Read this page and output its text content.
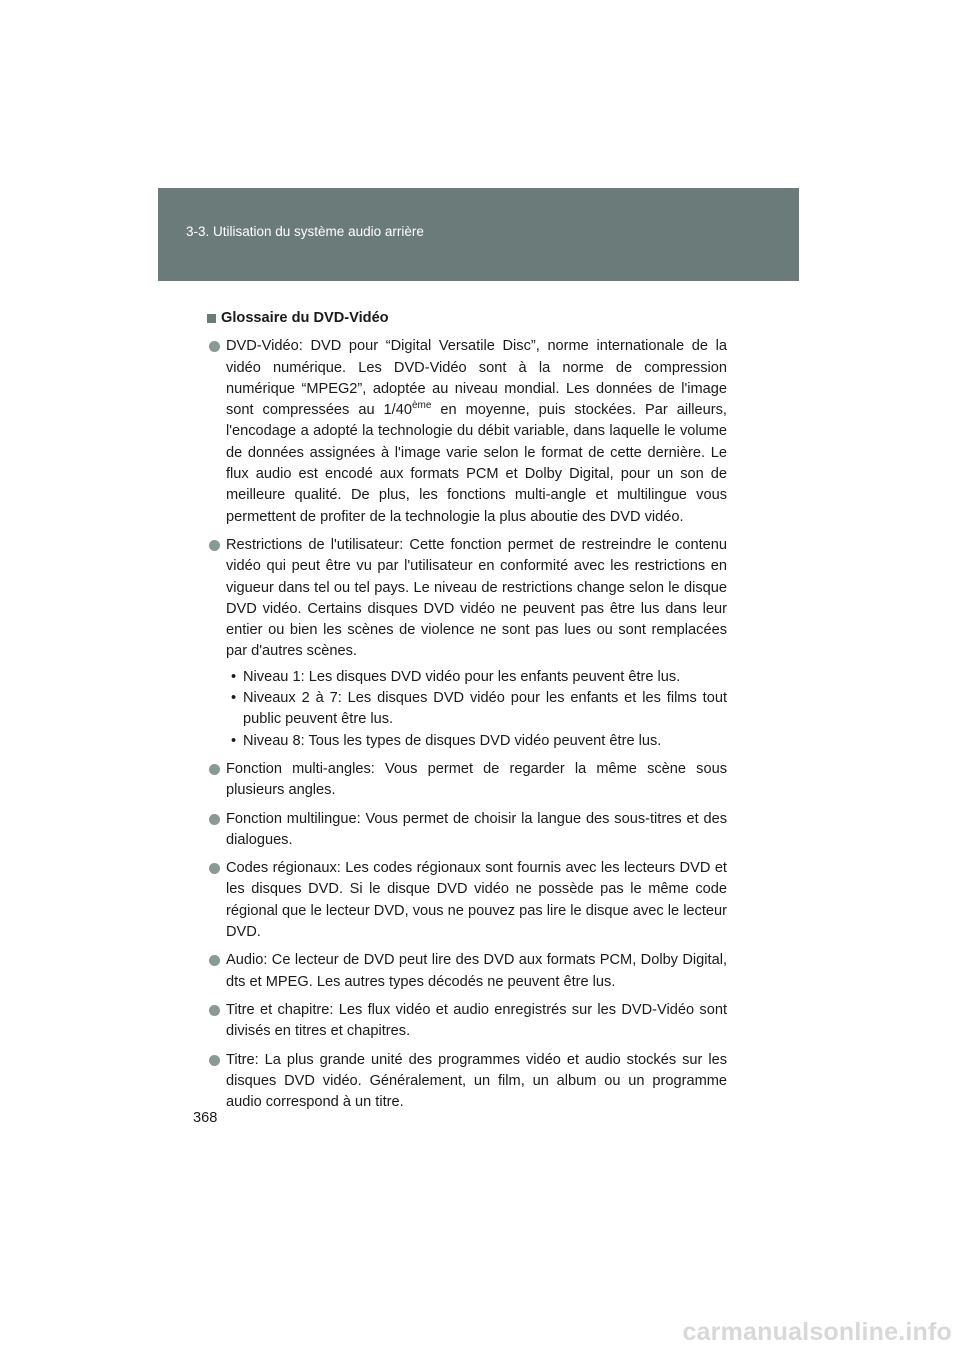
3-3. Utilisation du système audio arrière
Glossaire du DVD-Vidéo
DVD-Vidéo: DVD pour “Digital Versatile Disc”, norme internationale de la vidéo numérique. Les DVD-Vidéo sont à la norme de compression numérique “MPEG2”, adoptée au niveau mondial. Les données de l'image sont compressées au 1/40ème en moyenne, puis stockées. Par ailleurs, l'encodage a adopté la technologie du débit variable, dans laquelle le volume de données assignées à l'image varie selon le format de cette dernière. Le flux audio est encodé aux formats PCM et Dolby Digital, pour un son de meilleure qualité. De plus, les fonctions multi-angle et multilingue vous permettent de profiter de la technologie la plus aboutie des DVD vidéo.
Restrictions de l'utilisateur: Cette fonction permet de restreindre le contenu vidéo qui peut être vu par l'utilisateur en conformité avec les restrictions en vigueur dans tel ou tel pays. Le niveau de restrictions change selon le disque DVD vidéo. Certains disques DVD vidéo ne peuvent pas être lus dans leur entier ou bien les scènes de violence ne sont pas lues ou sont remplacées par d'autres scènes.
• Niveau 1: Les disques DVD vidéo pour les enfants peuvent être lus.
• Niveaux 2 à 7: Les disques DVD vidéo pour les enfants et les films tout public peuvent être lus.
• Niveau 8: Tous les types de disques DVD vidéo peuvent être lus.
Fonction multi-angles: Vous permet de regarder la même scène sous plusieurs angles.
Fonction multilingue: Vous permet de choisir la langue des sous-titres et des dialogues.
Codes régionaux: Les codes régionaux sont fournis avec les lecteurs DVD et les disques DVD. Si le disque DVD vidéo ne possède pas le même code régional que le lecteur DVD, vous ne pouvez pas lire le disque avec le lecteur DVD.
Audio: Ce lecteur de DVD peut lire des DVD aux formats PCM, Dolby Digital, dts et MPEG. Les autres types décodés ne peuvent être lus.
Titre et chapitre: Les flux vidéo et audio enregistrés sur les DVD-Vidéo sont divisés en titres et chapitres.
Titre: La plus grande unité des programmes vidéo et audio stockés sur les disques DVD vidéo. Généralement, un film, un album ou un programme audio correspond à un titre.
368
carmanualsonline.info
